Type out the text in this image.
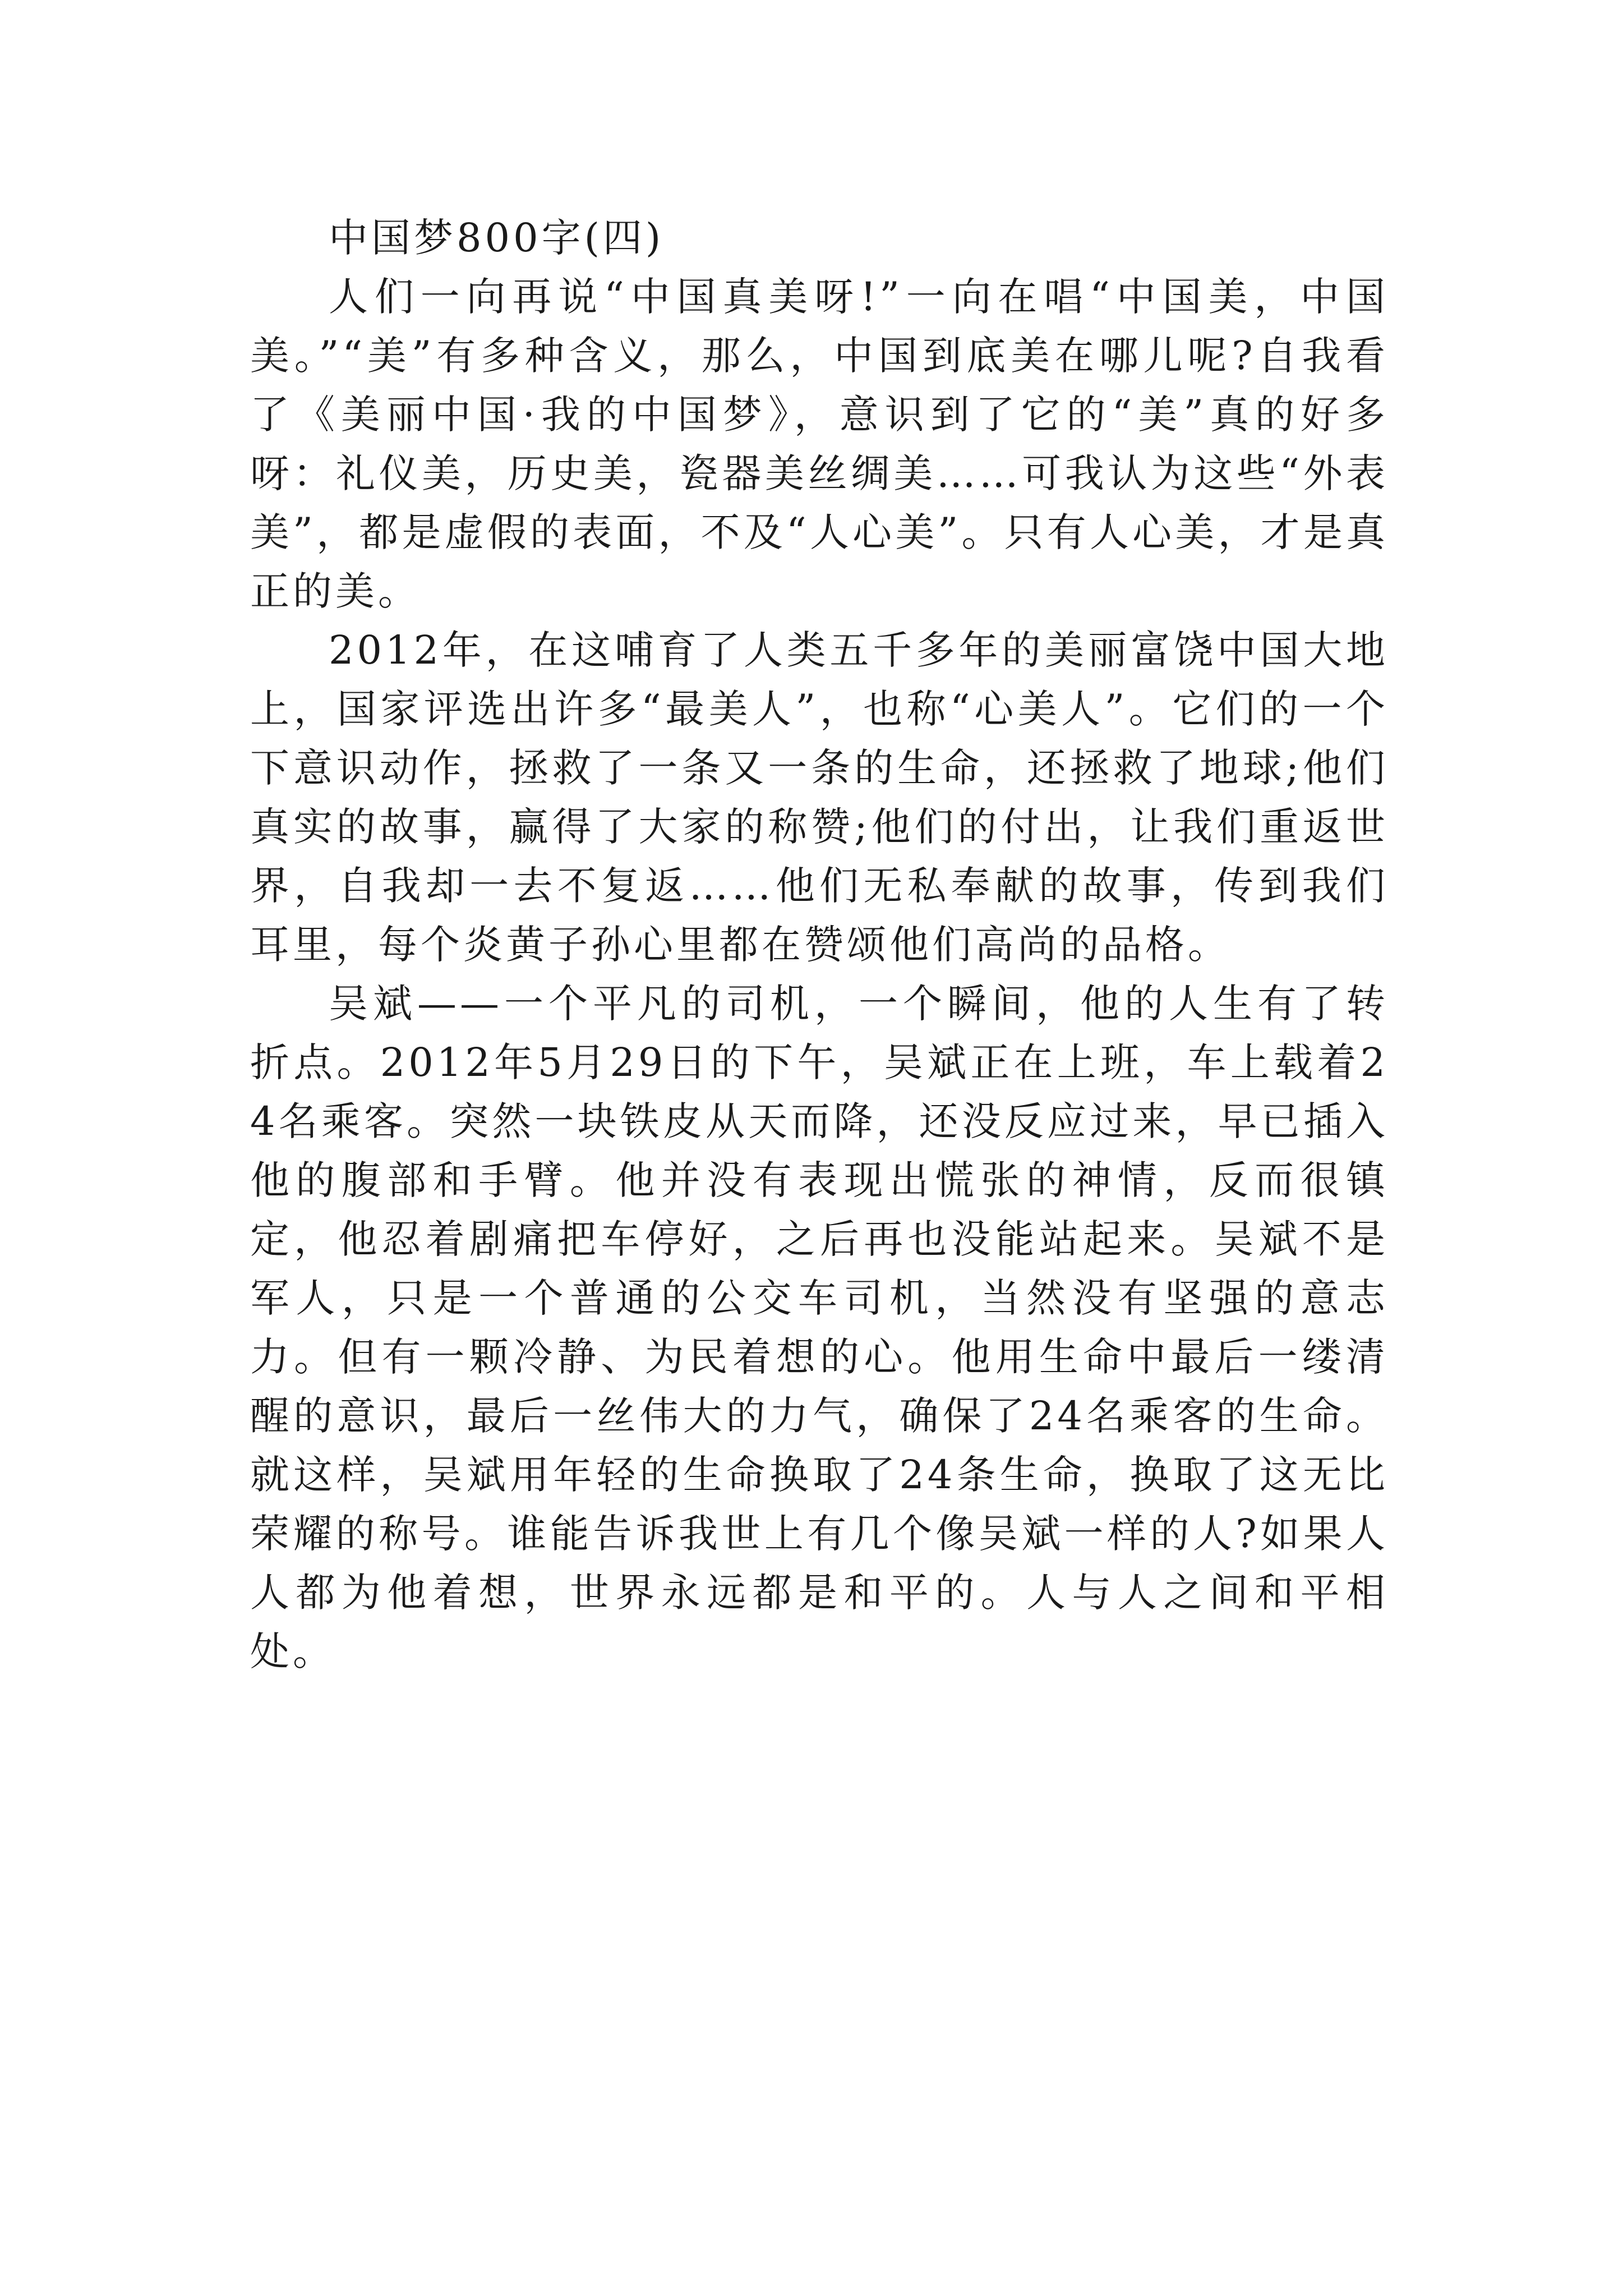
中国梦800字(四)

人们一向再说“中国真美呀!”一向在唱“中国美，中国美。”“美”有多种含义，那么，中国到底美在哪儿呢?自我看了《美丽中国·我的中国梦》，意识到了它的“美”真的好多呀：礼仪美，历史美，瓷器美丝绸美……可我认为这些“外表美”，都是虚假的表面，不及“人心美”。只有人心美，才是真正的美。

2012年，在这哺育了人类五千多年的美丽富饶中国大地上，国家评选出许多“最美人”，也称“心美人”。它们的一个下意识动作，拯救了一条又一条的生命，还拯救了地球;他们真实的故事，赢得了大家的称赞;他们的付出，让我们重返世界，自我却一去不复返……他们无私奉献的故事，传到我们耳里，每个炎黄子孙心里都在赞颂他们高尚的品格。

吴斌——一个平凡的司机，一个瞬间，他的人生有了转折点。2012年5月29日的下午，吴斌正在上班，车上载着24名乘客。突然一块铁皮从天而降，还没反应过来，早已插入他的腹部和手臂。他并没有表现出慌张的神情，反而很镇定，他忍着剧痛把车停好，之后再也没能站起来。吴斌不是军人，只是一个普通的公交车司机，当然没有坚强的意志力。但有一颗冷静、为民着想的心。他用生命中最后一缕清醒的意识，最后一丝伟大的力气，确保了24名乘客的生命。就这样，吴斌用年轻的生命换取了24条生命，换取了这无比荣耀的称号。谁能告诉我世上有几个像吴斌一样的人?如果人人都为他着想，世界永远都是和平的。人与人之间和平相处。
